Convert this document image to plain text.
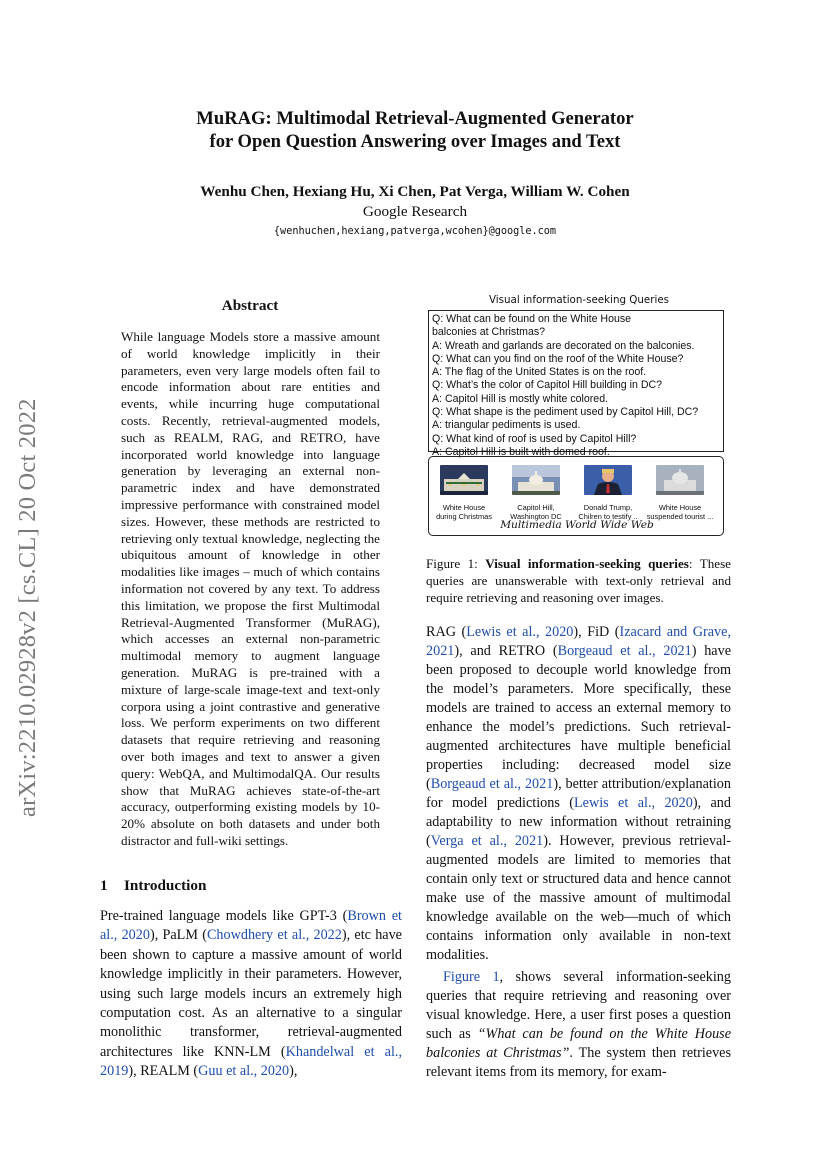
arXiv:2210.02928v2 [cs.CL] 20 Oct 2022
MuRAG: Multimodal Retrieval-Augmented Generator
for Open Question Answering over Images and Text
Wenhu Chen, Hexiang Hu, Xi Chen, Pat Verga, William W. Cohen
Google Research
{wenhuchen,hexiang,patverga,wcohen}@google.com
Abstract
While language Models store a massive amount of world knowledge implicitly in their parameters, even very large models often fail to encode information about rare entities and events, while incurring huge computational costs. Recently, retrieval-augmented models, such as REALM, RAG, and RETRO, have incorporated world knowledge into language generation by leveraging an external non-parametric index and have demonstrated impressive performance with constrained model sizes. However, these methods are restricted to retrieving only textual knowledge, neglecting the ubiquitous amount of knowledge in other modalities like images – much of which contains information not covered by any text. To address this limitation, we propose the first Multimodal Retrieval-Augmented Transformer (MuRAG), which accesses an external non-parametric multimodal memory to augment language generation. MuRAG is pre-trained with a mixture of large-scale image-text and text-only corpora using a joint contrastive and generative loss. We perform experiments on two different datasets that require retrieving and reasoning over both images and text to answer a given query: WebQA, and MultimodalQA. Our results show that MuRAG achieves state-of-the-art accuracy, outperforming existing models by 10-20% absolute on both datasets and under both distractor and full-wiki settings.
1 Introduction
Pre-trained language models like GPT-3 (Brown et al., 2020), PaLM (Chowdhery et al., 2022), etc have been shown to capture a massive amount of world knowledge implicitly in their parameters. However, using such large models incurs an extremely high computation cost. As an alternative to a singular monolithic transformer, retrieval-augmented architectures like KNN-LM (Khandelwal et al., 2019), REALM (Guu et al., 2020),
Visual information-seeking Queries
Q: What can be found on the White House
balconies at Christmas?
A: Wreath and garlands are decorated on the balconies.
Q: What can you find on the roof of the White House?
A: The flag of the United States is on the roof.
Q: What’s the color of Capitol Hill building in DC?
A: Capitol Hill is mostly white colored.
Q: What shape is the pediment used by Capitol Hill, DC?
A: triangular pediments is used.
Q: What kind of roof is used by Capitol Hill?
A: Capitol Hill is built with domed roof.
White House
during Christmas
Capitol Hill,
Washington DC
Donald Trump,
Chilren to testify ..
White House
suspended tourist ...
Multimedia World Wide Web
Figure 1: Visual information-seeking queries: These queries are unanswerable with text-only retrieval and require retrieving and reasoning over images.

RAG (Lewis et al., 2020), FiD (Izacard and Grave, 2021), and RETRO (Borgeaud et al., 2021) have been proposed to decouple world knowledge from the model’s parameters. More specifically, these models are trained to access an external memory to enhance the model’s predictions. Such retrieval-augmented architectures have multiple beneficial properties including: decreased model size (Borgeaud et al., 2021), better attribution/explanation for model predictions (Lewis et al., 2020), and adaptability to new information without retraining (Verga et al., 2021). However, previous retrieval-augmented models are limited to memories that contain only text or structured data and hence cannot make use of the massive amount of multimodal knowledge available on the web—much of which contains information only available in non-text modalities.

Figure 1, shows several information-seeking queries that require retrieving and reasoning over visual knowledge. Here, a user first poses a question such as “What can be found on the White House balconies at Christmas”. The system then retrieves relevant items from its memory, for exam-
